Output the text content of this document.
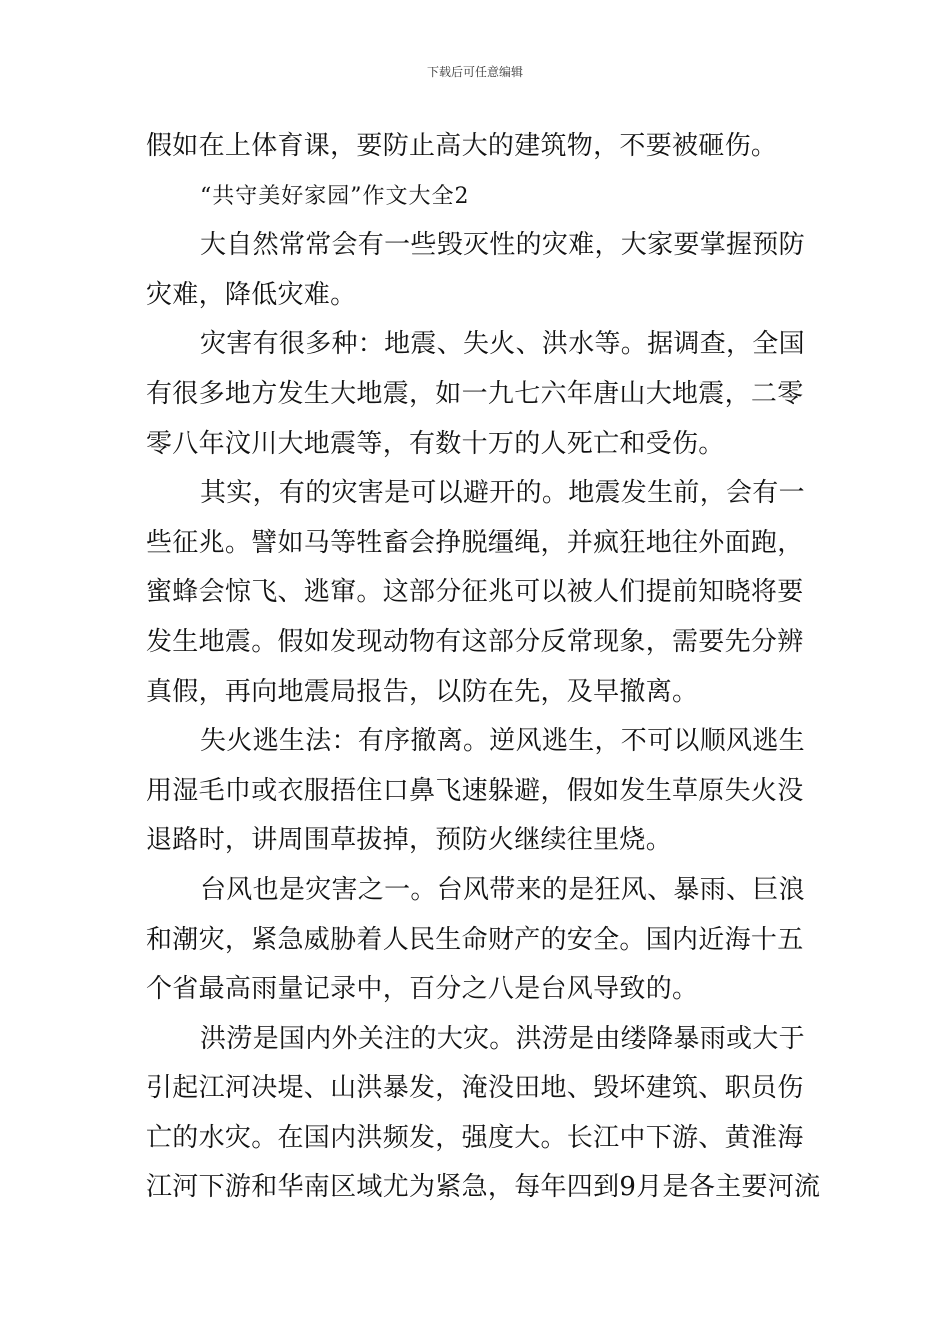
下载后可任意编辑
假如在上体育课，要防止高大的建筑物，不要被砸伤。
“共守美好家园”作文大全2
大自然常常会有一些毁灭性的灾难，大家要掌握预防
灾难，降低灾难。
灾害有很多种：地震、失火、洪水等。据调查，全国
有很多地方发生大地震，如一九七六年唐山大地震，二零
零八年汶川大地震等，有数十万的人死亡和受伤。
其实，有的灾害是可以避开的。地震发生前，会有一
些征兆。譬如马等牲畜会挣脱缰绳，并疯狂地往外面跑，
蜜蜂会惊飞、逃窜。这部分征兆可以被人们提前知晓将要
发生地震。假如发现动物有这部分反常现象，需要先分辨
真假，再向地震局报告，以防在先，及早撤离。
失火逃生法：有序撤离。逆风逃生，不可以顺风逃生
用湿毛巾或衣服捂住口鼻飞速躲避，假如发生草原失火没
退路时，讲周围草拔掉，预防火继续往里烧。
台风也是灾害之一。台风带来的是狂风、暴雨、巨浪
和潮灾，紧急威胁着人民生命财产的安全。国内近海十五
个省最高雨量记录中，百分之八是台风导致的。
洪涝是国内外关注的大灾。洪涝是由缕降暴雨或大于
引起江河决堤、山洪暴发，淹没田地、毁坏建筑、职员伤
亡的水灾。在国内洪频发，强度大。长江中下游、黄淮海
江河下游和华南区域尤为紧急，每年四到9月是各主要河流
